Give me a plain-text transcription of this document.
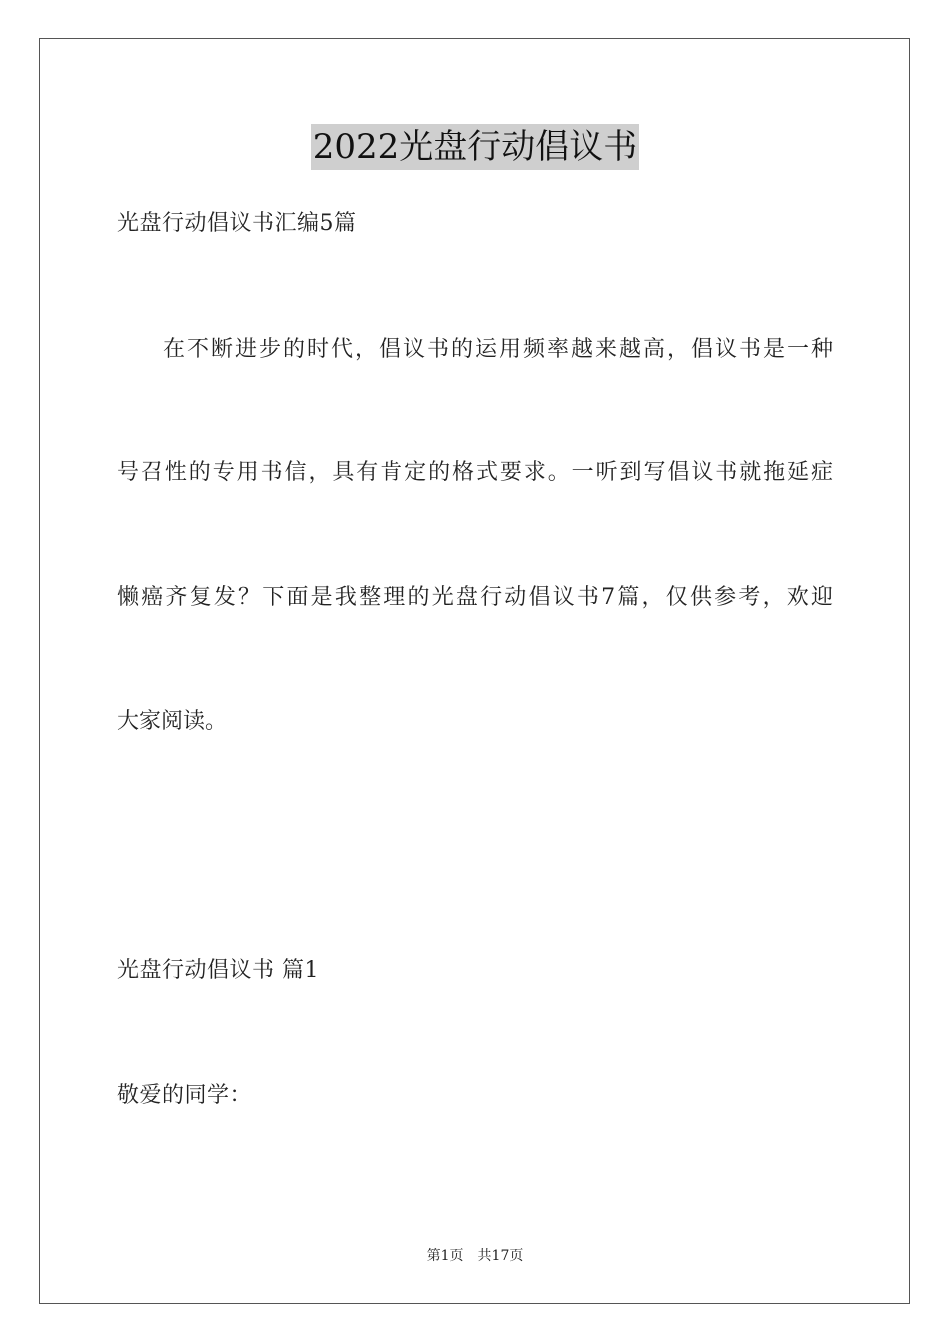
2022光盘行动倡议书
光盘行动倡议书汇编5篇
在不断进步的时代，倡议书的运用频率越来越高，倡议书是一种
号召性的专用书信，具有肯定的格式要求。一听到写倡议书就拖延症
懒癌齐复发？下面是我整理的光盘行动倡议书7篇，仅供参考，欢迎
大家阅读。
光盘行动倡议书 篇1
敬爱的同学：
第1页 共17页
